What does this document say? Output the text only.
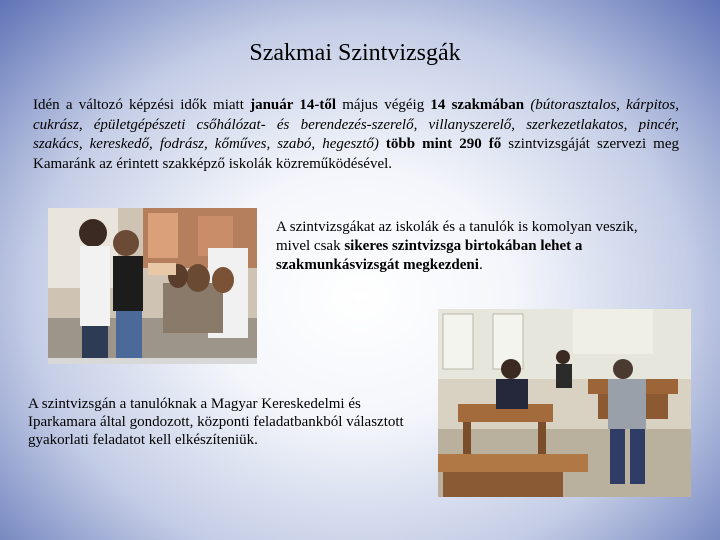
Szakmai Szintvizsgák
Idén a változó képzési idők miatt január 14-től május végéig 14 szakmában (bútorasztalos, kárpitos, cukrász, épületgépészeti csőhálózat- és berendezés-szerelő, villanyszerelő, szerkezetlakatos, pincér, szakács, kereskedő, fodrász, kőműves, szabó, hegesztő) több mint 290 fő szintvizsgáját szervezi meg Kamaránk az érintett szakképző iskolák közreműködésével.
A szintvizsgákat az iskolák és a tanulók is komolyan veszik, mivel csak sikeres szintvizsga birtokában lehet a szakmunkásvizsgát megkezdeni.
A szintvizsgán a tanulóknak a Magyar Kereskedelmi és Iparkamara által gondozott, központi feladatbankból választott gyakorlati feladatot kell elkészíteniük.
